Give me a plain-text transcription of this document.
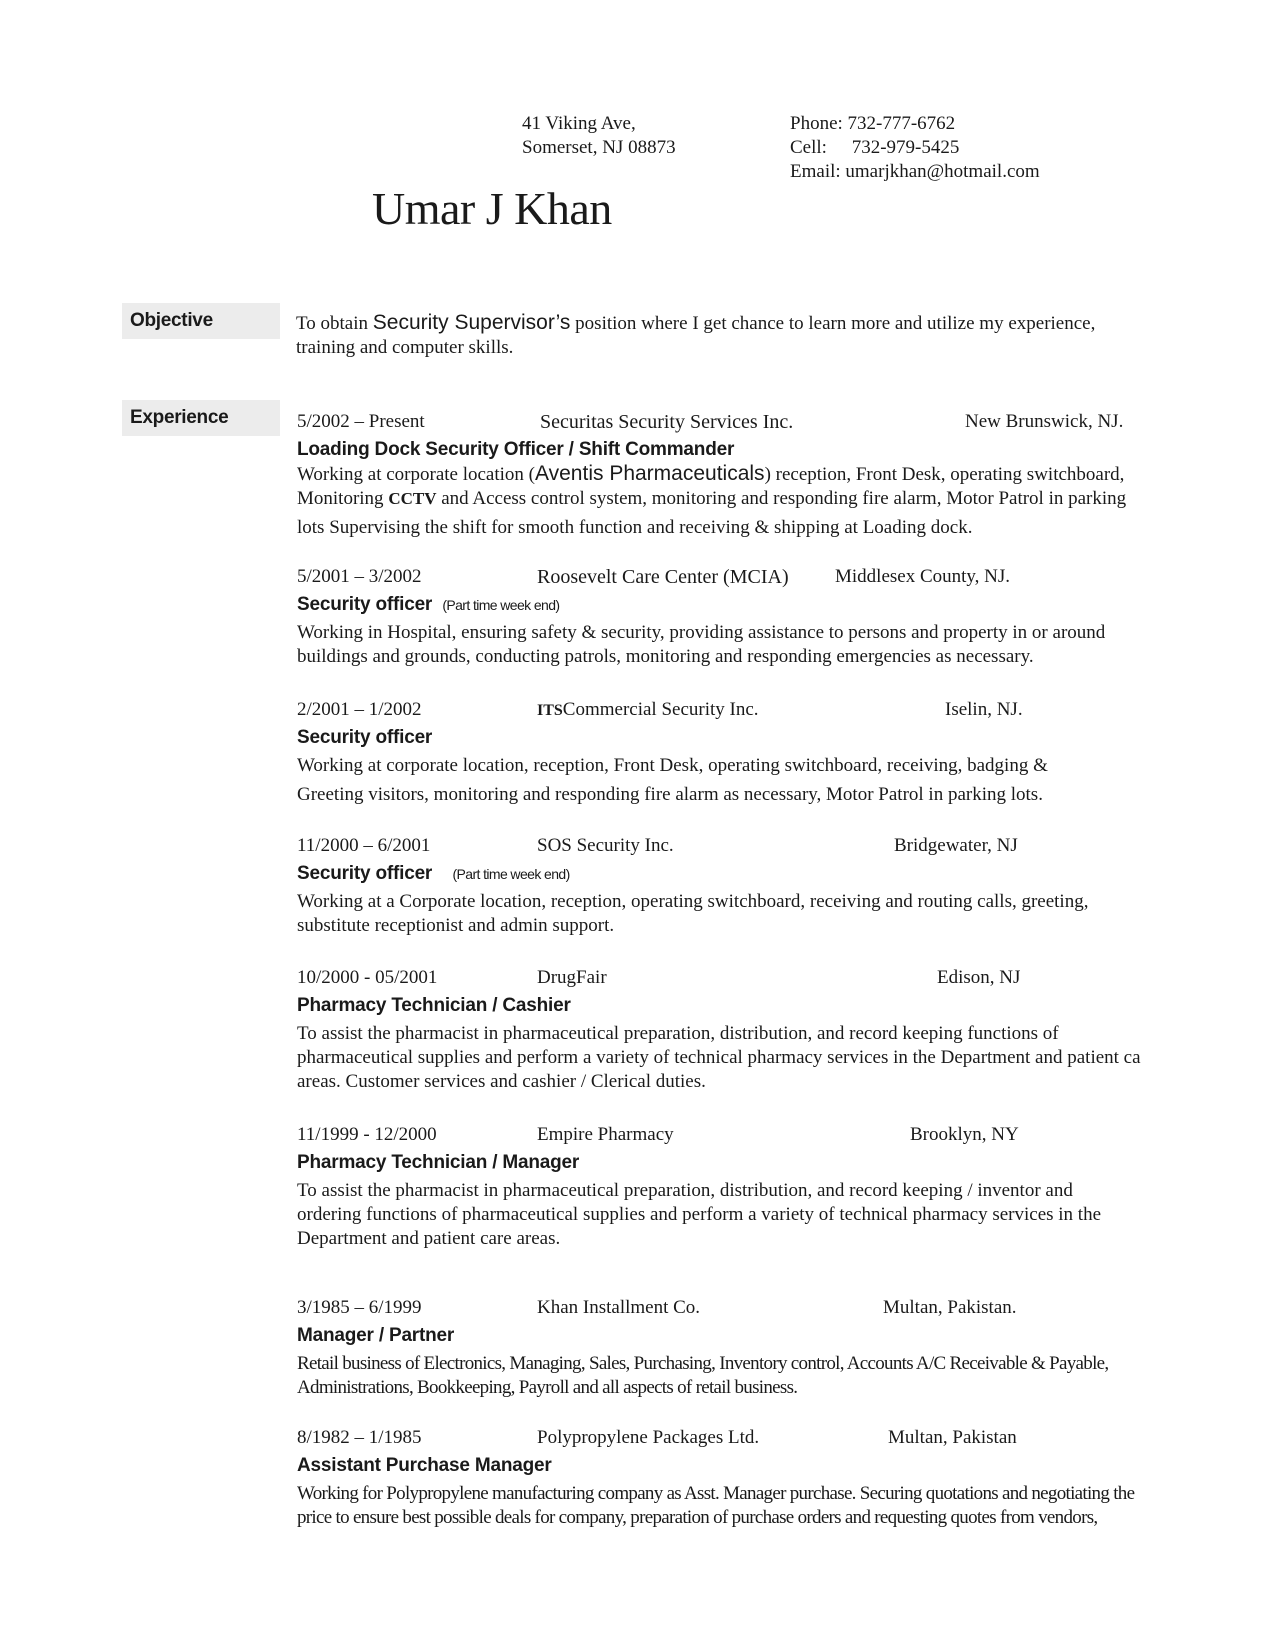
41 Viking Ave,
Somerset, NJ 08873
Phone: 732-777-6762
Cell: 732-979-5425
Email: umarjkhan@hotmail.com
Umar J Khan
Objective	To obtain Security Supervisor’s position where I get chance to learn more and utilize my experience,
training and computer skills.
Experience	5/2002 – Present	Securitas Security Services Inc.	New Brunswick, NJ.
Loading Dock Security Officer / Shift Commander
Working at corporate location (Aventis Pharmaceuticals) reception, Front Desk, operating switchboard,
Monitoring CCTV and Access control system, monitoring and responding fire alarm, Motor Patrol in parking
lots Supervising the shift for smooth function and receiving & shipping at Loading dock.
5/2001 – 3/2002	Roosevelt Care Center (MCIA) Middlesex County, NJ.
Security officer (Part time week end)
Working in Hospital, ensuring safety & security, providing assistance to persons and property in or around
buildings and grounds, conducting patrols, monitoring and responding emergencies as necessary.
2/2001 – 1/2002	ITS Commercial Security Inc.	Iselin, NJ.
Security officer
Working at corporate location, reception, Front Desk, operating switchboard, receiving, badging &
Greeting visitors, monitoring and responding fire alarm as necessary, Motor Patrol in parking lots.
11/2000 – 6/2001	SOS Security Inc.	Bridgewater, NJ
Security officer (Part time week end)
Working at a Corporate location, reception, operating switchboard, receiving and routing calls, greeting,
substitute receptionist and admin support.
10/2000 - 05/2001	DrugFair	Edison, NJ
Pharmacy Technician / Cashier
To assist the pharmacist in pharmaceutical preparation, distribution, and record keeping functions of
pharmaceutical supplies and perform a variety of technical pharmacy services in the Department and patient ca
areas. Customer services and cashier / Clerical duties.
11/1999 - 12/2000	Empire Pharmacy	Brooklyn, NY
Pharmacy Technician / Manager
To assist the pharmacist in pharmaceutical preparation, distribution, and record keeping / inventor and
ordering functions of pharmaceutical supplies and perform a variety of technical pharmacy services in the
Department and patient care areas.
3/1985 – 6/1999	Khan Installment Co.	Multan, Pakistan.
Manager / Partner
Retail business of Electronics, Managing, Sales, Purchasing, Inventory control, Accounts A/C Receivable & Payable,
Administrations, Bookkeeping, Payroll and all aspects of retail business.
8/1982 – 1/1985	Polypropylene Packages Ltd.	Multan, Pakistan
Assistant Purchase Manager
Working for Polypropylene manufacturing company as Asst. Manager purchase. Securing quotations and negotiating the
price to ensure best possible deals for company, preparation of purchase orders and requesting quotes from vendors,
